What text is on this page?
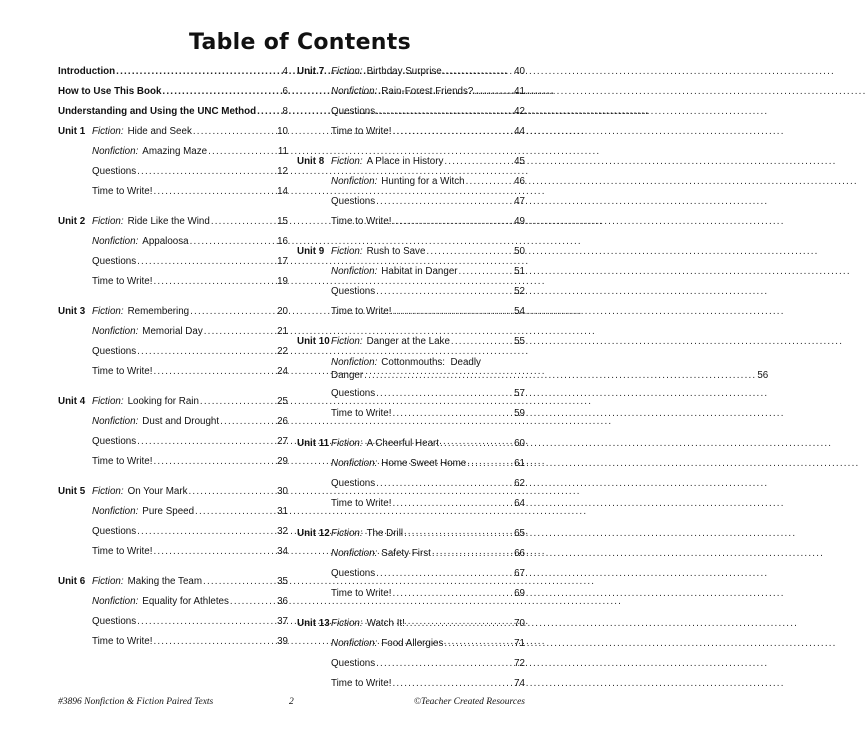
Table of Contents
Introduction .....	4
How to Use This Book .....	6
Understanding and Using the UNC Method .....	8
Unit 1 Fiction: Hide and Seek .....	10
Nonfiction: Amazing Maze .....	11
Questions .....	12
Time to Write! .....	14
Unit 2 Fiction: Ride Like the Wind .....	15
Nonfiction: Appaloosa .....	16
Questions .....	17
Time to Write! .....	19
Unit 3 Fiction: Remembering .....	20
Nonfiction: Memorial Day .....	21
Questions .....	22
Time to Write! .....	24
Unit 4 Fiction: Looking for Rain .....	25
Nonfiction: Dust and Drought .....	26
Questions .....	27
Time to Write! .....	29
Unit 5 Fiction: On Your Mark .....	30
Nonfiction: Pure Speed .....	31
Questions .....	32
Time to Write! .....	34
Unit 6 Fiction: Making the Team .....	35
Nonfiction: Equality for Athletes .....	36
Questions .....	37
Time to Write! .....	39
Unit 7 Fiction: Birthday Surprise .....	40
Nonfiction: Rain-Forest Friends? .....	41
Questions .....	42
Time to Write! .....	44
Unit 8 Fiction: A Place in History .....	45
Nonfiction: Hunting for a Witch .....	46
Questions .....	47
Time to Write! .....	49
Unit 9 Fiction: Rush to Save .....	50
Nonfiction: Habitat in Danger .....	51
Questions .....	52
Time to Write! .....	54
Unit 10 Fiction: Danger at the Lake .....	55
Nonfiction: Cottonmouths:  Deadly
Danger .....	56
Questions .....	57
Time to Write! .....	59
Unit 11 Fiction: A Cheerful Heart .....	60
Nonfiction: Home Sweet Home .....	61
Questions .....	62
Time to Write! .....	64
Unit 12 Fiction: The Drill .....	65
Nonfiction: Safety First .....	66
Questions .....	67
Time to Write! .....	69
Unit 13 Fiction: Watch It! .....	70
Nonfiction: Food Allergies .....	71
Questions .....	72
Time to Write! .....	74
#3896 Nonfiction & Fiction Paired Texts	2	©Teacher Created Resources
